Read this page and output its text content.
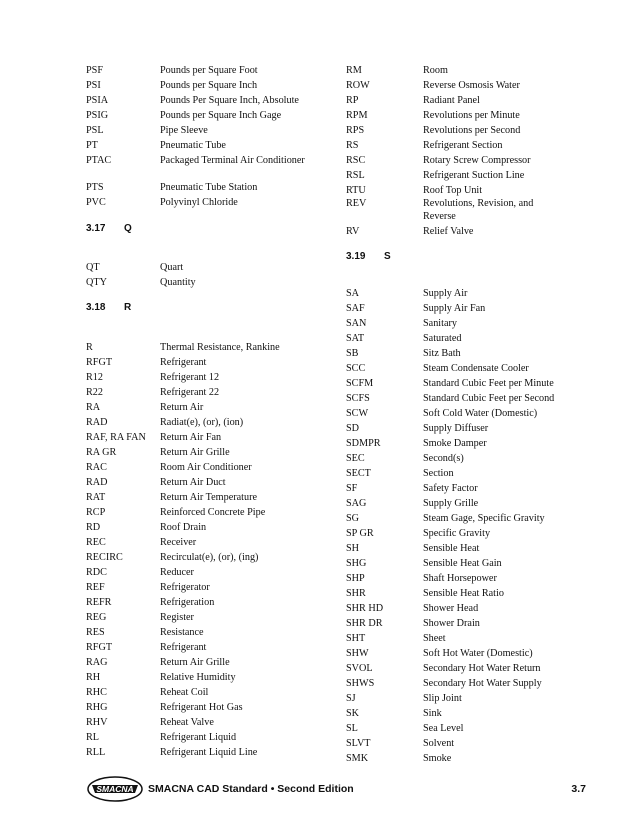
PSF	Pounds per Square Foot
PSI	Pounds per Square Inch
PSIA	Pounds Per Square Inch, Absolute
PSIG	Pounds per Square Inch Gage
PSL	Pipe Sleeve
PT	Pneumatic Tube
PTAC	Packaged Terminal Air Conditioner
PTS	Pneumatic Tube Station
PVC	Polyvinyl Chloride
3.17 Q
QT	Quart
QTY	Quantity
3.18 R
R	Thermal Resistance, Rankine
RFGT	Refrigerant
R12	Refrigerant 12
R22	Refrigerant 22
RA	Return Air
RAD	Radiat(e), (or), (ion)
RAF, RA FAN	Return Air Fan
RA GR	Return Air Grille
RAC	Room Air Conditioner
RAD	Return Air Duct
RAT	Return Air Temperature
RCP	Reinforced Concrete Pipe
RD	Roof Drain
REC	Receiver
RECIRC	Recirculat(e), (or), (ing)
RDC	Reducer
REF	Refrigerator
REFR	Refrigeration
REG	Register
RES	Resistance
RFGT	Refrigerant
RAG	Return Air Grille
RH	Relative Humidity
RHC	Reheat Coil
RHG	Refrigerant Hot Gas
RHV	Reheat Valve
RL	Refrigerant Liquid
RLL	Refrigerant Liquid Line
RM	Room
ROW	Reverse Osmosis Water
RP	Radiant Panel
RPM	Revolutions per Minute
RPS	Revolutions per Second
RS	Refrigerant Section
RSC	Rotary Screw Compressor
RSL	Refrigerant Suction Line
RTU	Roof Top Unit
REV	Revolutions, Revision, and Reverse
RV	Relief Valve
3.19 S
SA	Supply Air
SAF	Supply Air Fan
SAN	Sanitary
SAT	Saturated
SB	Sitz Bath
SCC	Steam Condensate Cooler
SCFM	Standard Cubic Feet per Minute
SCFS	Standard Cubic Feet per Second
SCW	Soft Cold Water (Domestic)
SD	Supply Diffuser
SDMPR	Smoke Damper
SEC	Second(s)
SECT	Section
SF	Safety Factor
SAG	Supply Grille
SG	Steam Gage, Specific Gravity
SP GR	Specific Gravity
SH	Sensible Heat
SHG	Sensible Heat Gain
SHP	Shaft Horsepower
SHR	Sensible Heat Ratio
SHR HD	Shower Head
SHR DR	Shower Drain
SHT	Sheet
SHW	Soft Hot Water (Domestic)
SVOL	Secondary Hot Water Return
SHWS	Secondary Hot Water Supply
SJ	Slip Joint
SK	Sink
SL	Sea Level
SLVT	Solvent
SMK	Smoke
SMACNA SMACNA CAD Standard • Second Edition	3.7
